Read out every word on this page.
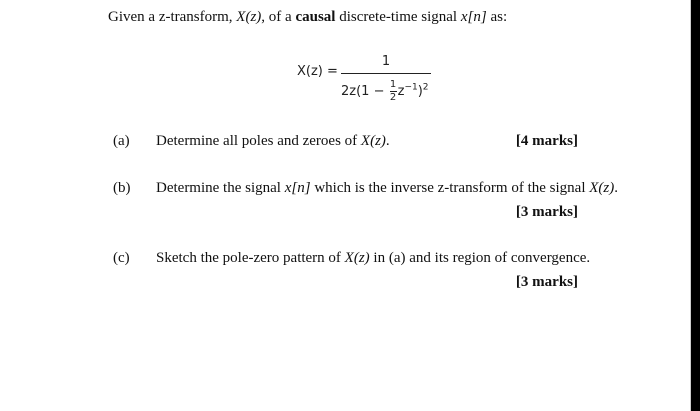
Given a z-transform, X(z), of a causal discrete-time signal x[n] as:
X(z) =
1
$2z(1 - \frac{1}{2} z^{-1})^2$
(a) Determine all poles and zeroes of X(z).	[4 marks]
(b) Determine the signal x[n] which is the inverse z-transform of the signal X(z).
[3 marks]
(c) Sketch the pole-zero pattern of X(z) in (a) and its region of convergence.
[3 marks]
